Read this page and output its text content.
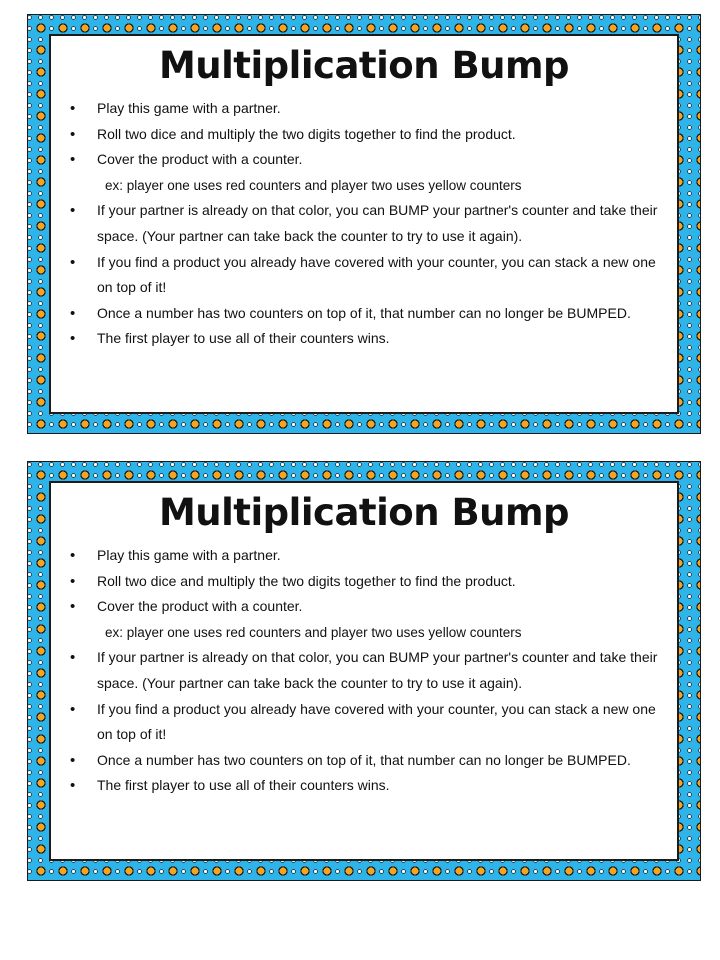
Multiplication Bump
• Play this game with a partner.
• Roll two dice and multiply the two digits together to find the product.
• Cover the product with a counter.
ex: player one uses red counters and player two uses yellow counters
• If your partner is already on that color, you can BUMP your partner's counter and take their space. (Your partner can take back the counter to try to use it again).
• If you find a product you already have covered with your counter, you can stack a new one on top of it!
• Once a number has two counters on top of it, that number can no longer be BUMPED.
• The first player to use all of their counters wins.
Multiplication Bump
• Play this game with a partner.
• Roll two dice and multiply the two digits together to find the product.
• Cover the product with a counter.
ex: player one uses red counters and player two uses yellow counters
• If your partner is already on that color, you can BUMP your partner's counter and take their space. (Your partner can take back the counter to try to use it again).
• If you find a product you already have covered with your counter, you can stack a new one on top of it!
• Once a number has two counters on top of it, that number can no longer be BUMPED.
• The first player to use all of their counters wins.
